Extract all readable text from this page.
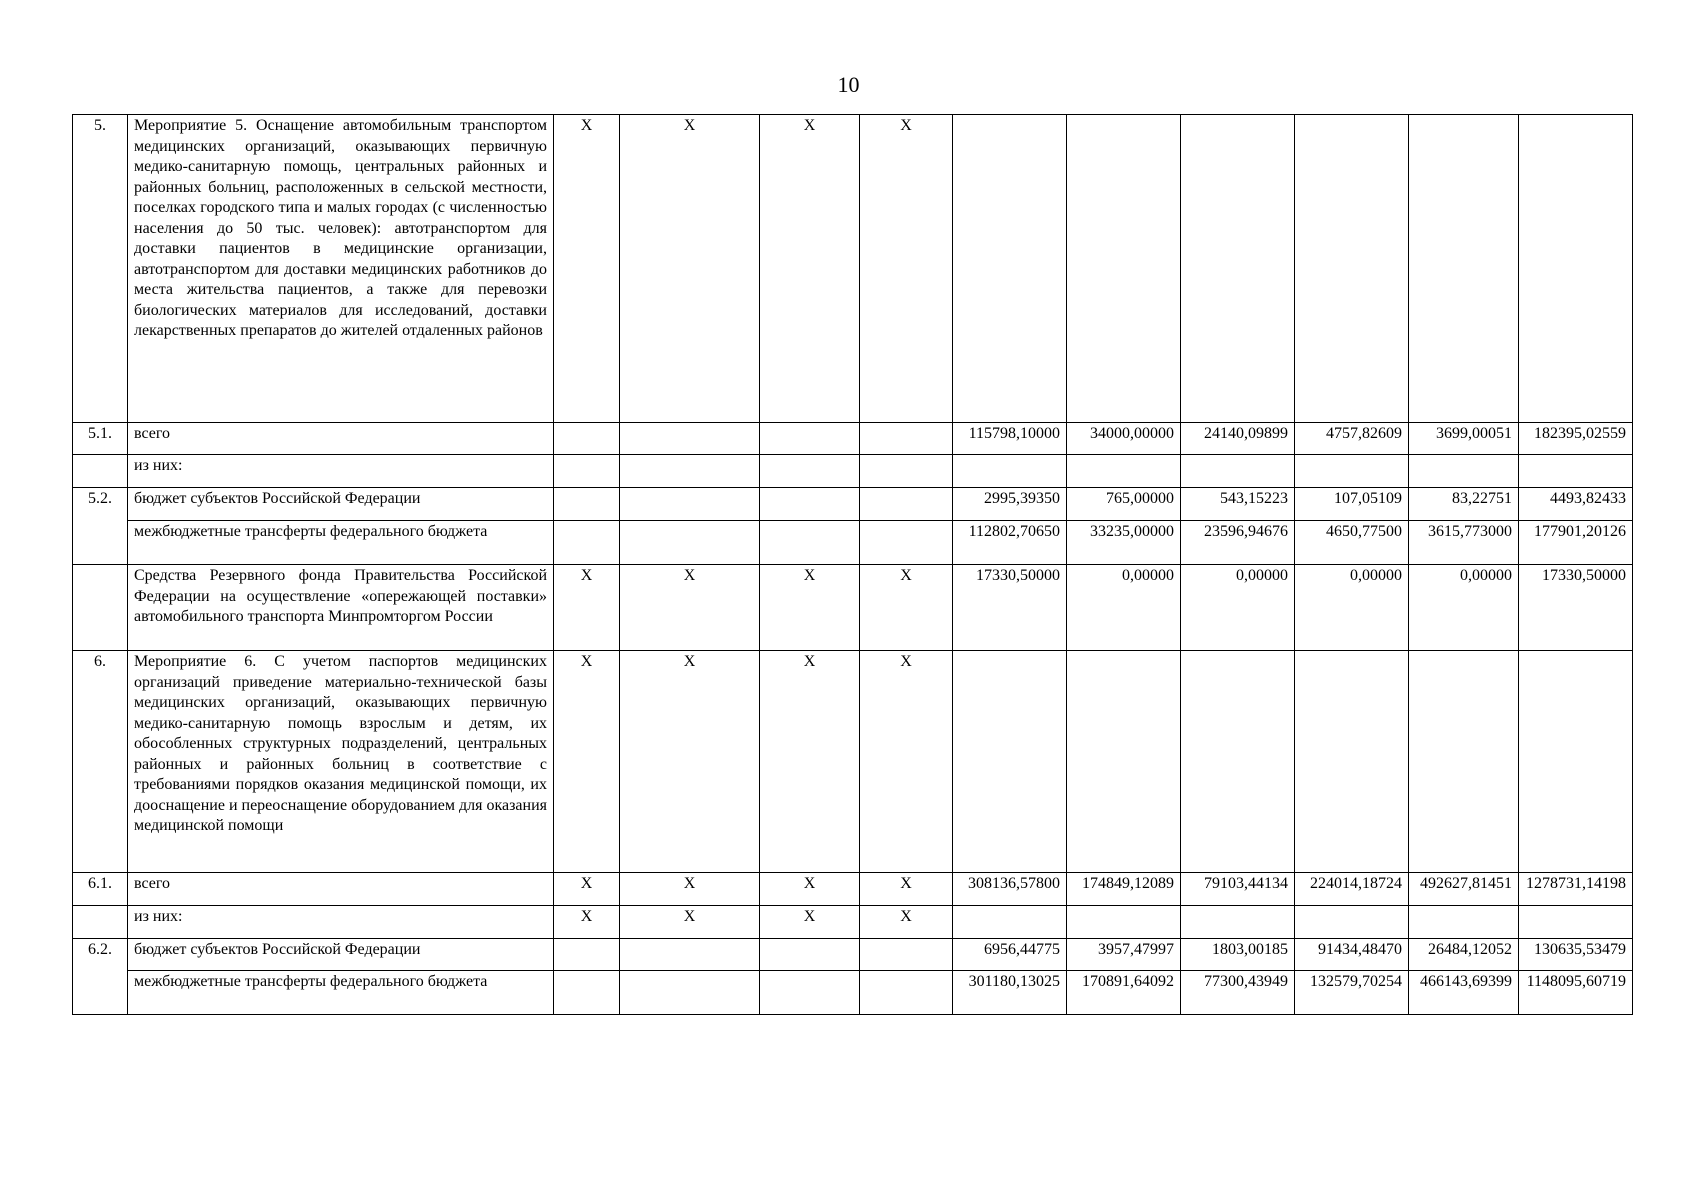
10
5.	Мероприятие 5. Оснащение автомобильным транспортом медицинских организаций, оказывающих первичную медико-санитарную помощь, центральных районных и районных больниц, расположенных в сельской местности, поселках городского типа и малых городах (с численностью населения до 50 тыс. человек): автотранспортом для доставки пациентов в медицинские организации, автотранспортом для доставки медицинских работников до места жительства пациентов, а также для перевозки биологических материалов для исследований, доставки лекарственных препаратов до жителей отдаленных районов	X	X	X	X						
5.1.	всего					115798,10000	34000,00000	24140,09899	4757,82609	3699,00051	182395,02559
	из них:										
5.2.	бюджет субъектов Российской Федерации					2995,39350	765,00000	543,15223	107,05109	83,22751	4493,82433
	межбюджетные трансферты федерального бюджета					112802,70650	33235,00000	23596,94676	4650,77500	3615,773000	177901,20126
	Средства Резервного фонда Правительства Российской Федерации на осуществление «опережающей поставки» автомобильного транспорта Минпромторгом России	X	X	X	X	17330,50000	0,00000	0,00000	0,00000	0,00000	17330,50000
6.	Мероприятие 6. С учетом паспортов медицинских организаций приведение материально-технической базы медицинских организаций, оказывающих первичную медико-санитарную помощь взрослым и детям, их обособленных структурных подразделений, центральных районных и районных больниц в соответствие с требованиями порядков оказания медицинской помощи, их дооснащение и переоснащение оборудованием для оказания медицинской помощи	X	X	X	X						
6.1.	всего	X	X	X	X	308136,57800	174849,12089	79103,44134	224014,18724	492627,81451	1278731,14198
	из них:	X	X	X	X						
6.2.	бюджет субъектов Российской Федерации					6956,44775	3957,47997	1803,00185	91434,48470	26484,12052	130635,53479
	межбюджетные трансферты федерального бюджета					301180,13025	170891,64092	77300,43949	132579,70254	466143,69399	1148095,60719
